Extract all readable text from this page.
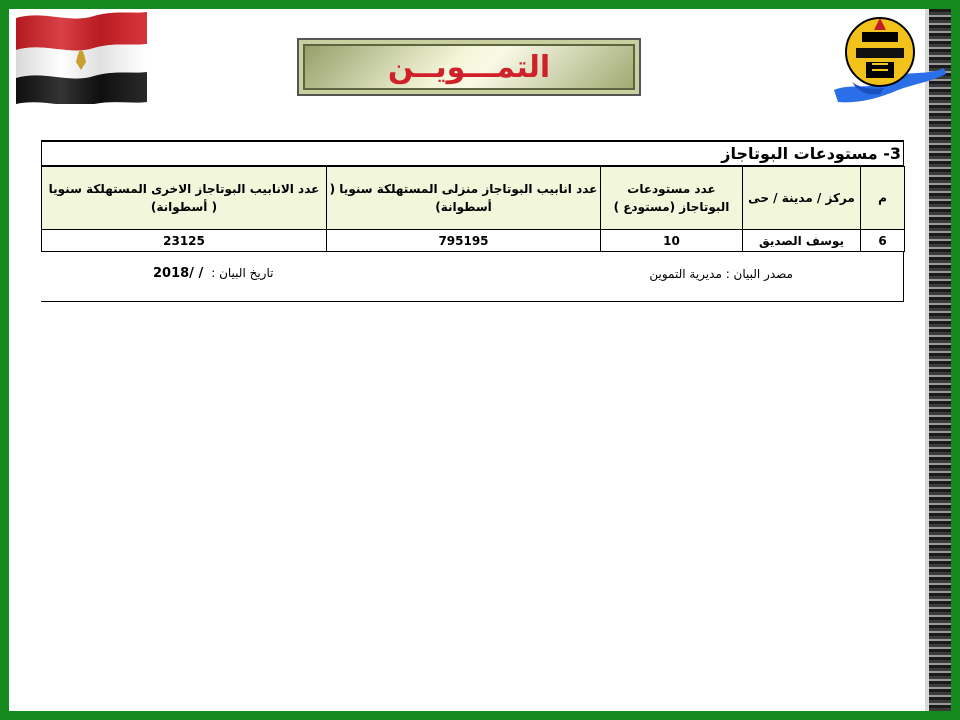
التمـــويــن
3- مستودعات البوتاجاز
م	مركز / مدينة / حى	عدد مستودعات البوتاجاز (مستودع )	عدد انابيب البوتاجاز منزلى المستهلكة سنويا ( أسطوانة)	عدد الانابيب البوتاجاز الاخرى المستهلكة سنويا ( أسطوانة)
6	يوسف الصديق	10	795195	23125
مصدر البيان : مديرية التموين
2018/ / تاريخ البيان :
